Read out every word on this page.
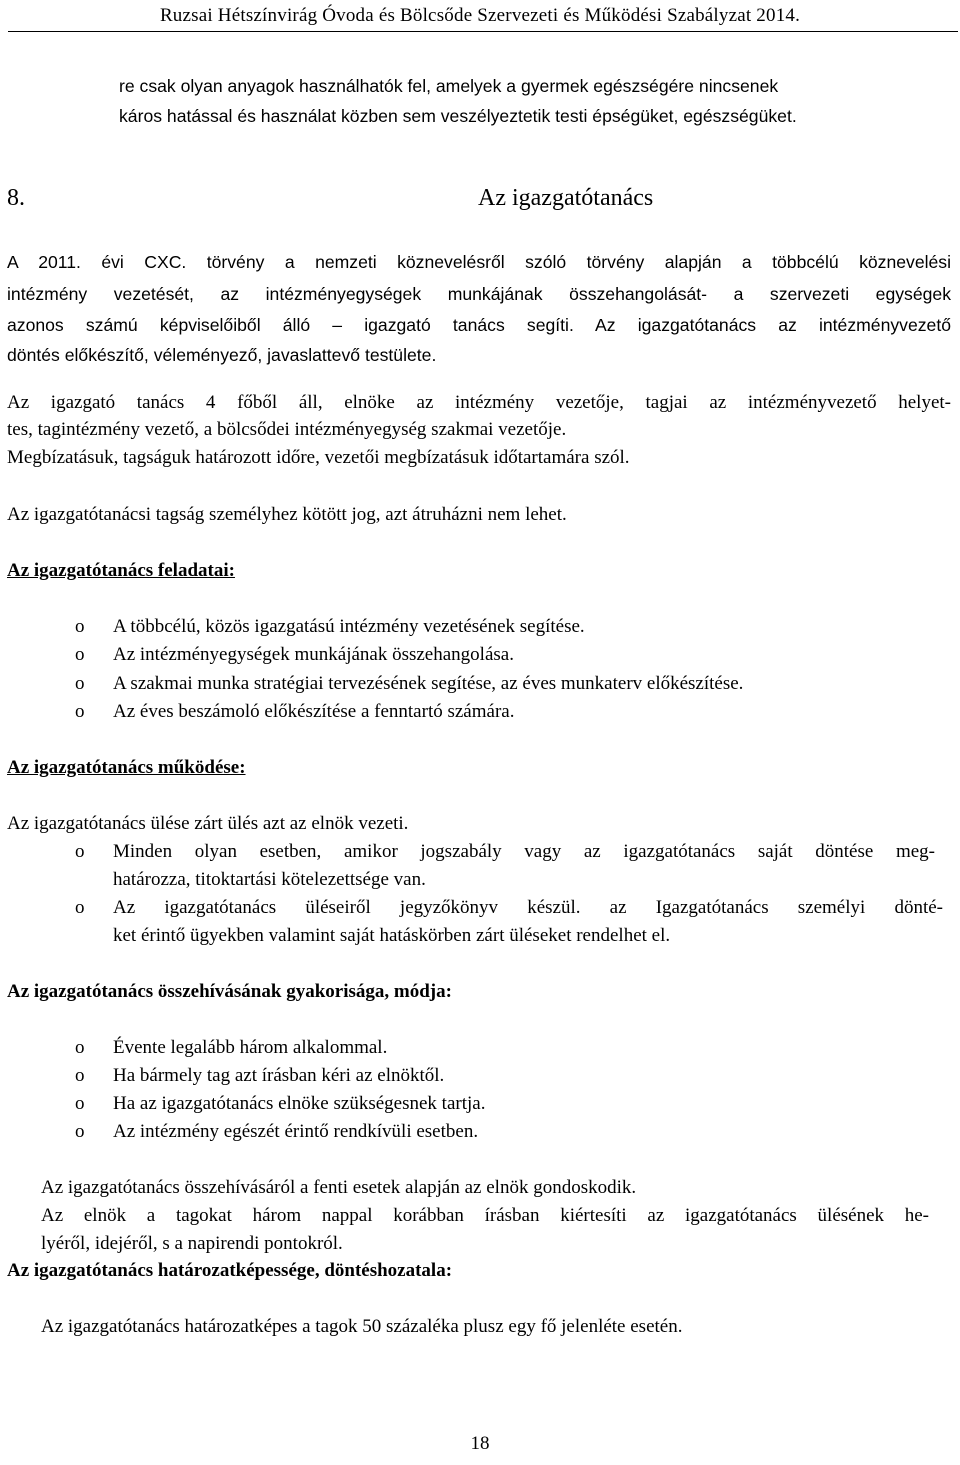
Ruzsai Hétszínvirág Óvoda és Bölcsőde Szervezeti és Működési Szabályzat 2014.
re csak olyan anyagok használhatók fel, amelyek a gyermek egészségére nincsenek
káros hatással és használat közben sem veszélyeztetik testi épségüket, egészségüket.
8.	Az igazgatótanács
A 2011. évi CXC. törvény a nemzeti köznevelésről szóló törvény alapján a többcélú köznevelési
intézmény vezetését, az intézményegységek munkájának összehangolását- a szervezeti egységek
azonos számú képviselőiből álló – igazgató tanács segíti. Az igazgatótanács az intézményvezető
döntés előkészítő, véleményező, javaslattevő testülete.
Az igazgató tanács 4 főből áll, elnöke az intézmény vezetője, tagjai az intézményvezető helyet-
tes, tagintézmény vezető, a bölcsődei intézményegység szakmai vezetője.
Megbízatásuk, tagságuk határozott időre, vezetői megbízatásuk időtartamára szól.
Az igazgatótanácsi tagság személyhez kötött jog, azt átruházni nem lehet.
Az igazgatótanács feladatai:
o A többcélú, közös igazgatású intézmény vezetésének segítése.
o Az intézményegységek munkájának összehangolása.
o A szakmai munka stratégiai tervezésének segítése, az éves munkaterv előkészítése.
o Az éves beszámoló előkészítése a fenntartó számára.
Az igazgatótanács működése:
Az igazgatótanács ülése zárt ülés azt az elnök vezeti.
o Minden olyan esetben, amikor jogszabály vagy az igazgatótanács saját döntése meg-
határozza, titoktartási kötelezettsége van.
o Az igazgatótanács üléseiről jegyzőkönyv készül. az Igazgatótanács személyi dönté-
ket érintő ügyekben valamint saját hatáskörben zárt üléseket rendelhet el.
Az igazgatótanács összehívásának gyakorisága, módja:
o Évente legalább három alkalommal.
o Ha bármely tag azt írásban kéri az elnöktől.
o Ha az igazgatótanács elnöke szükségesnek tartja.
o Az intézmény egészét érintő rendkívüli esetben.
Az igazgatótanács összehívásáról a fenti esetek alapján az elnök gondoskodik.
Az elnök a tagokat három nappal korábban írásban kiértesíti az igazgatótanács ülésének he-
lyéről, idejéről, s a napirendi pontokról.
Az igazgatótanács határozatképessége, döntéshozatala:
Az igazgatótanács határozatképes a tagok 50 százaléka plusz egy fő jelenléte esetén.
18
